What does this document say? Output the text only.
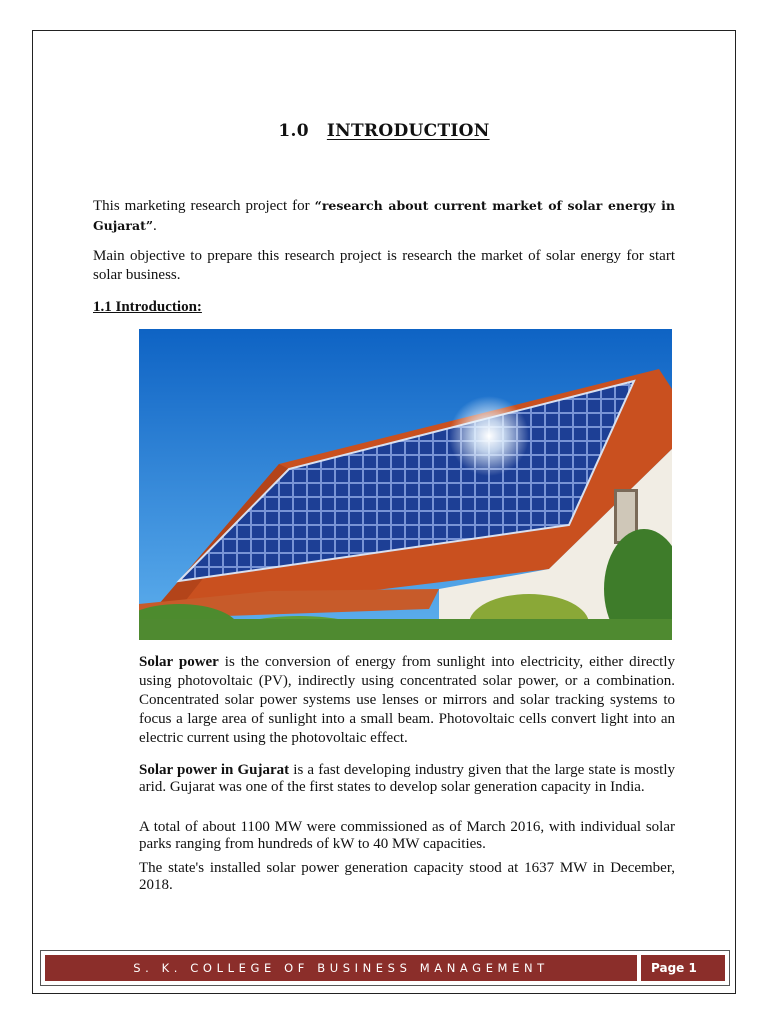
1.0 INTRODUCTION
This marketing research project for “research about current market of solar energy in Gujarat”.
Main objective to prepare this research project is research the market of solar energy for start solar business.
1.1 Introduction:
Solar power is the conversion of energy from sunlight into electricity, either directly using photovoltaic (PV), indirectly using concentrated solar power, or a combination. Concentrated solar power systems use lenses or mirrors and solar tracking systems to focus a large area of sunlight into a small beam. Photovoltaic cells convert light into an electric current using the photovoltaic effect.
Solar power in Gujarat is a fast developing industry given that the large state is mostly arid. Gujarat was one of the first states to develop solar generation capacity in India.
A total of about 1100 MW were commissioned as of March 2016, with individual solar parks ranging from hundreds of kW to 40 MW capacities.
The state's installed solar power generation capacity stood at 1637 MW in December, 2018.
S. K. COLLEGE OF BUSINESS MANAGEMENT	Page 1
